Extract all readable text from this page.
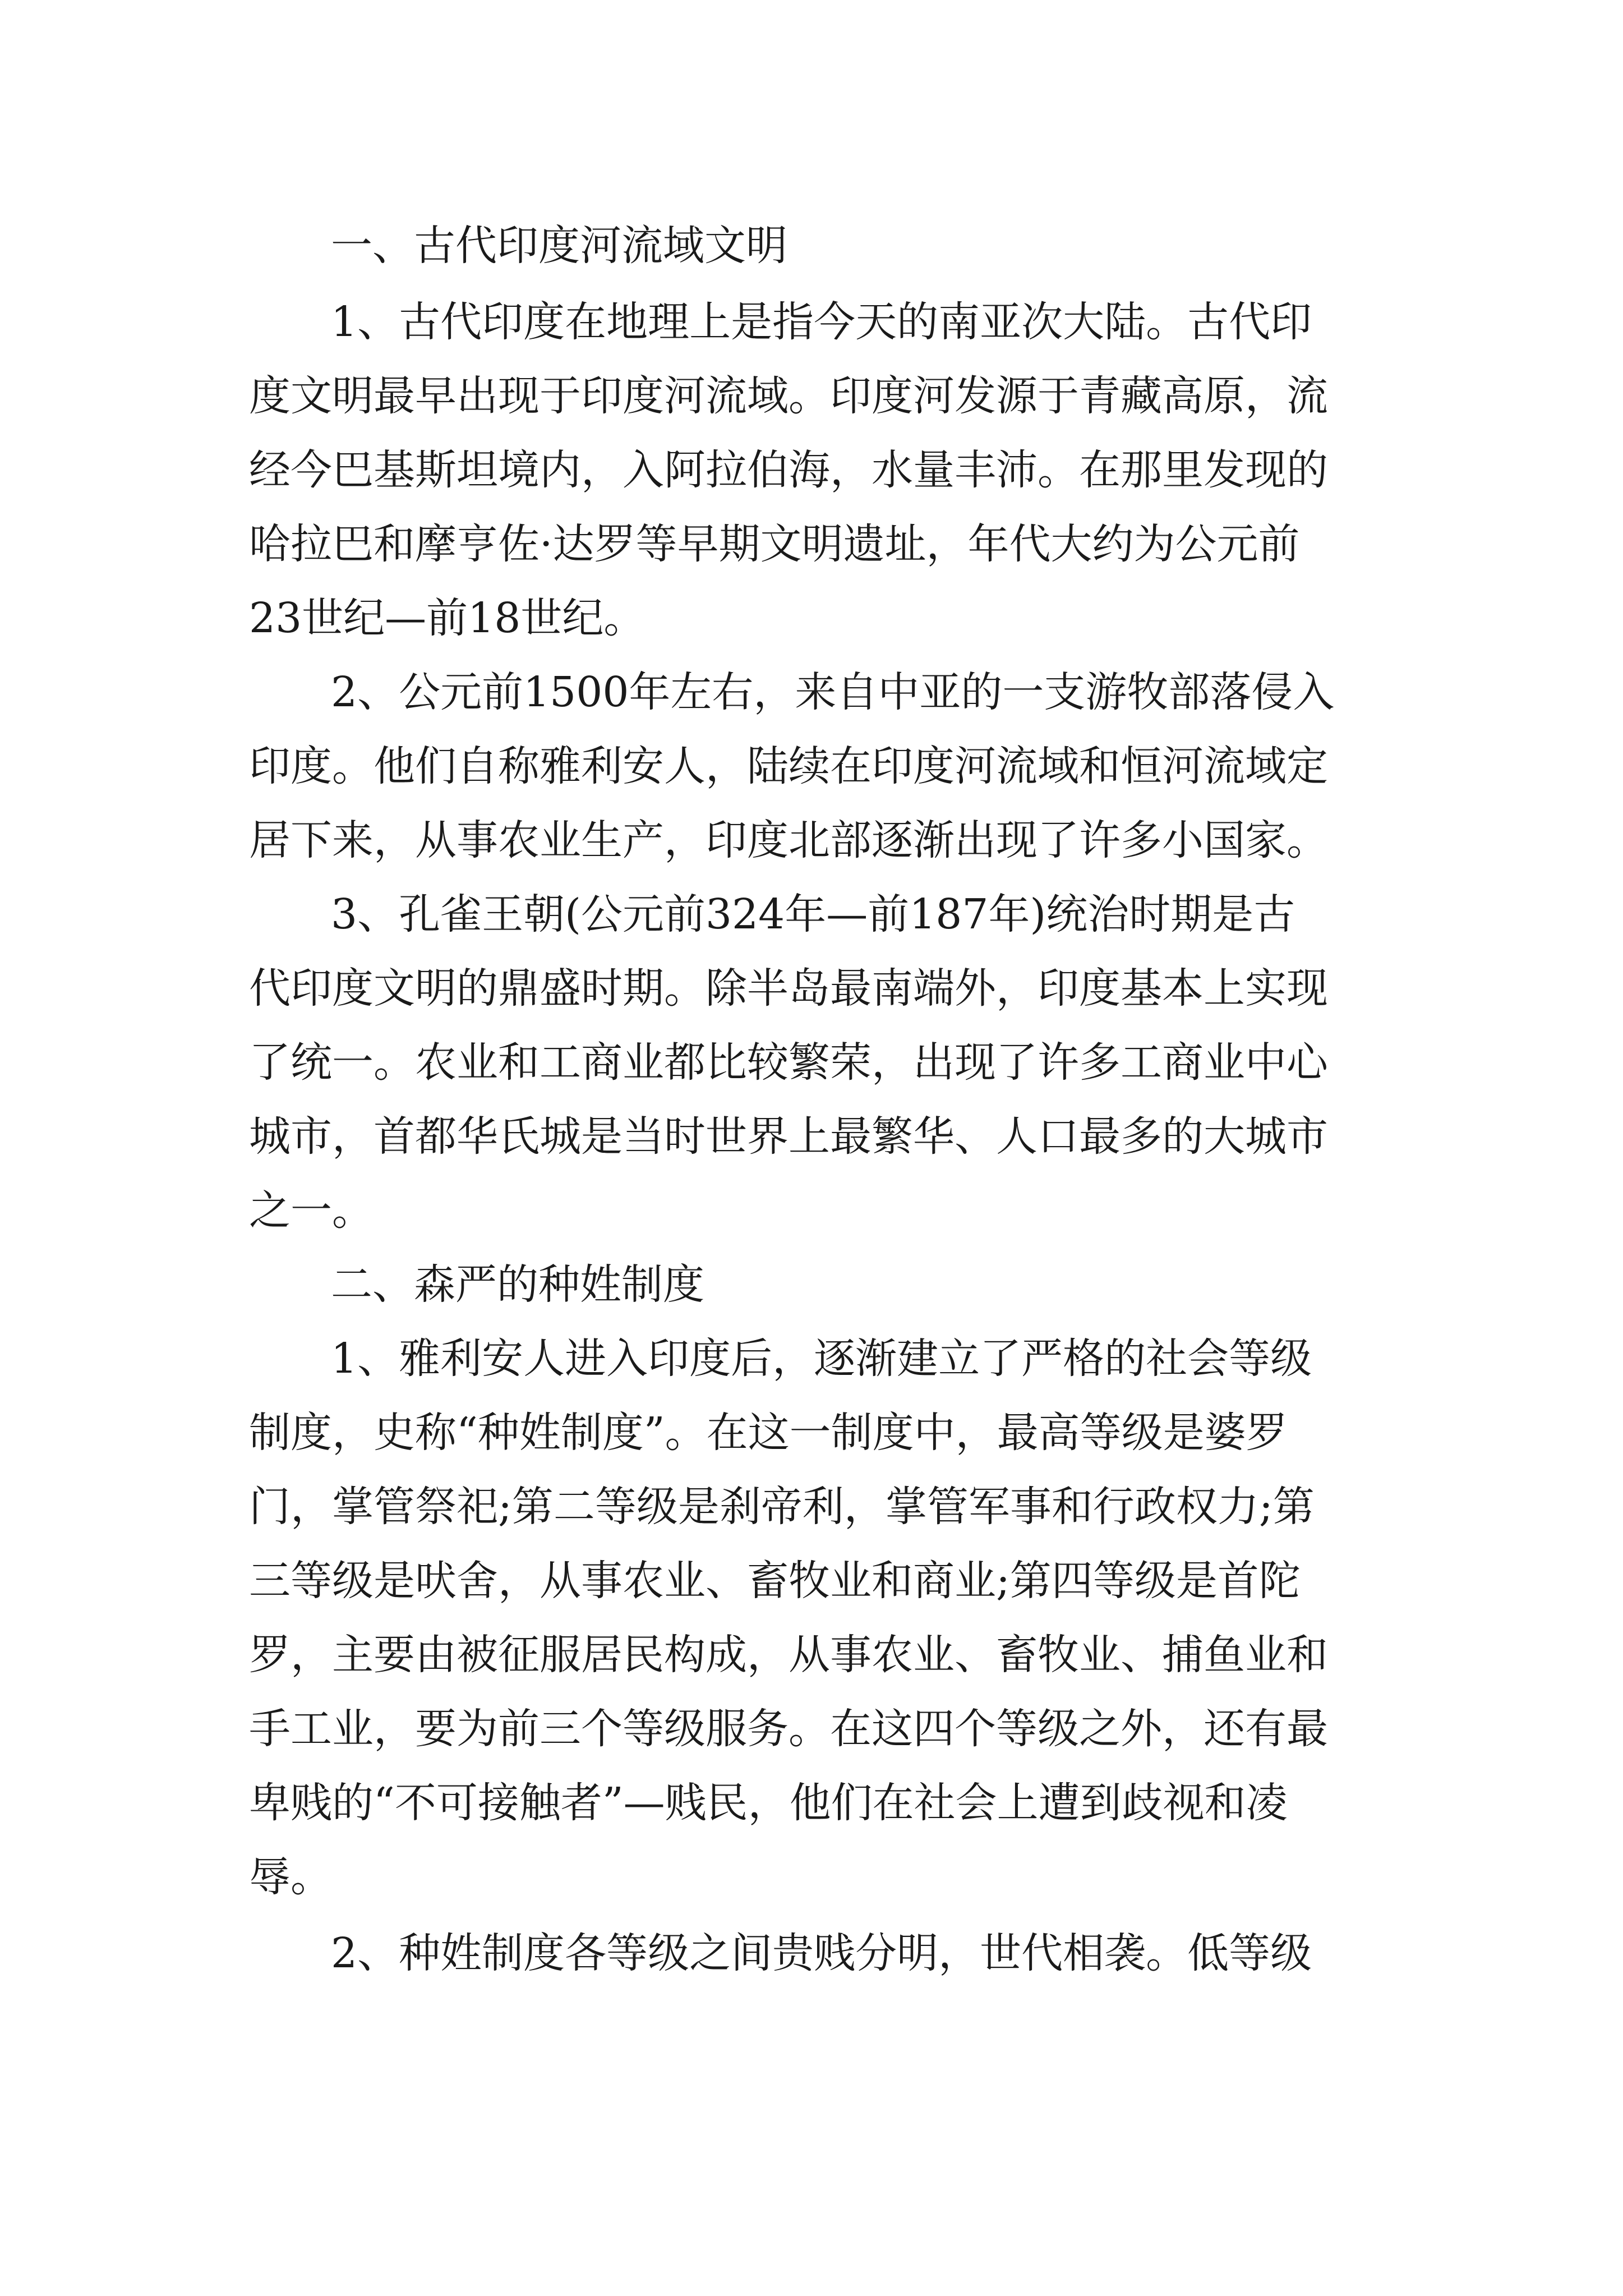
一、古代印度河流域文明
1、古代印度在地理上是指今天的南亚次大陆。古代印
度文明最早出现于印度河流域。印度河发源于青藏高原，流
经今巴基斯坦境内，入阿拉伯海，水量丰沛。在那里发现的
哈拉巴和摩亨佐·达罗等早期文明遗址，年代大约为公元前
23世纪—前18世纪。
2、公元前1500年左右，来自中亚的一支游牧部落侵入
印度。他们自称雅利安人，陆续在印度河流域和恒河流域定
居下来，从事农业生产，印度北部逐渐出现了许多小国家。
3、孔雀王朝(公元前324年—前187年)统治时期是古
代印度文明的鼎盛时期。除半岛最南端外，印度基本上实现
了统一。农业和工商业都比较繁荣，出现了许多工商业中心
城市，首都华氏城是当时世界上最繁华、人口最多的大城市
之一。
二、森严的种姓制度
1、雅利安人进入印度后，逐渐建立了严格的社会等级
制度，史称“种姓制度”。在这一制度中，最高等级是婆罗
门，掌管祭祀;第二等级是刹帝利，掌管军事和行政权力;第
三等级是吠舍，从事农业、畜牧业和商业;第四等级是首陀
罗，主要由被征服居民构成，从事农业、畜牧业、捕鱼业和
手工业，要为前三个等级服务。在这四个等级之外，还有最
卑贱的“不可接触者”—贱民，他们在社会上遭到歧视和凌
辱。
2、种姓制度各等级之间贵贱分明，世代相袭。低等级
